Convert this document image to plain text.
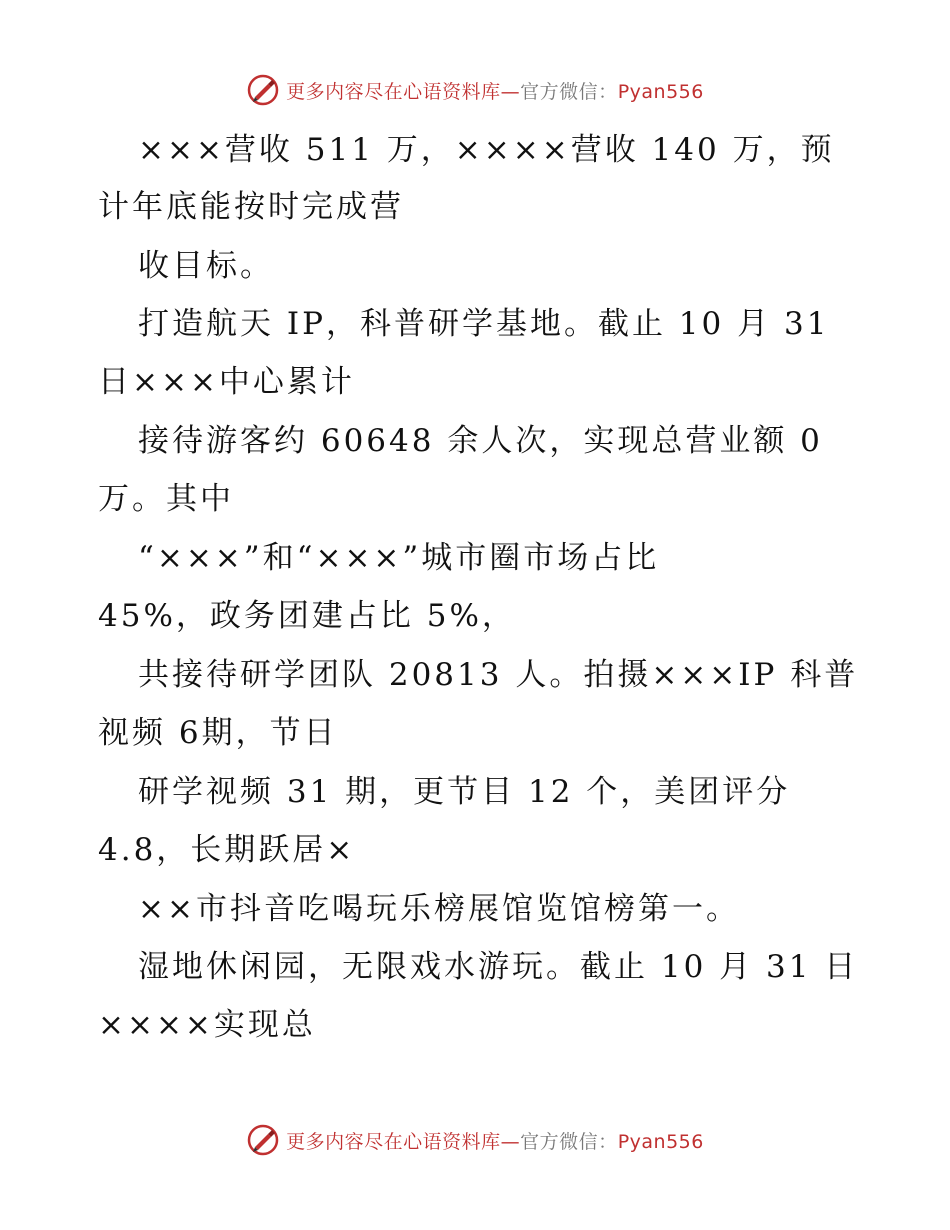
更多内容尽在心语资料库—官方微信：Pyan556
×××营收 511 万，××××营收 140 万，预
计年底能按时完成营
收目标。
打造航天 IP，科普研学基地。截止 10 月 31
日×××中心累计
接待游客约 60648 余人次，实现总营业额 0
万。其中
“×××”和“×××”城市圈市场占比
45%，政务团建占比 5%，
共接待研学团队 20813 人。拍摄×××IP 科普
视频 6期，节日
研学视频 31 期，更节目 12 个，美团评分
4.8，长期跃居×
××市抖音吃喝玩乐榜展馆览馆榜第一。
湿地休闲园，无限戏水游玩。截止 10 月 31 日
××××实现总
更多内容尽在心语资料库—官方微信：Pyan556
